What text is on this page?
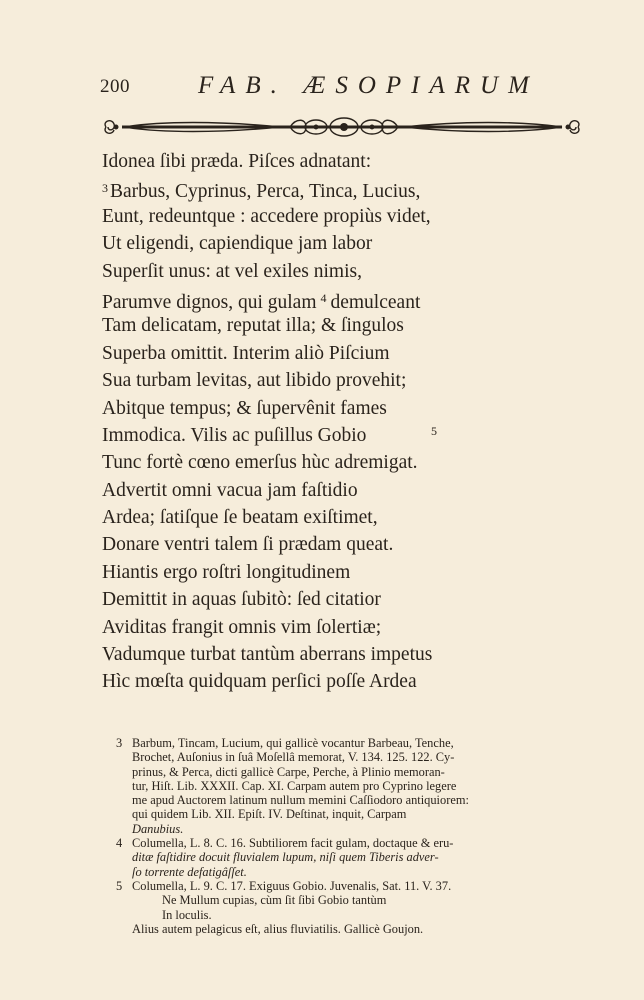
200	FAB. ÆSOPIARUM
Idonea ſibi præda. Piſces adnatant:
$^3$ Barbus, Cyprinus, Perca, Tinca, Lucius,
Eunt, redeuntque : accedere propiùs videt,
Ut eligendi, capiendique jam labor
Superſit unus: at vel exiles nimis,
Parumve dignos, qui gulam $^4$ demulceant
Tam delicatam, reputat illa; & ſingulos
Superba omittit. Interim aliò Piſcium
Sua turbam levitas, aut libido provehit;
Abitque tempus; & ſupervênit fames
Immodica. Vilis ac puſillus Gobio	5
Tunc fortè cœno emerſus hùc adremigat.
Advertit omni vacua jam faſtidio
Ardea; ſatiſque ſe beatam exiſtimet,
Donare ventri talem ſi prædam queat.
Hiantis ergo roſtri longitudinem
Demittit in aquas ſubitò: ſed citatior
Aviditas frangit omnis vim ſolertiæ;
Vadumque turbat tantùm aberrans impetus
Hìc mœſta quidquam perſici poſſe Ardea
3 Barbum, Tincam, Lucium, qui gallicè vocantur Barbeau, Tenche,
Brochet, Auſonius in ſuâ Moſellâ memorat, V. 134. 125. 122. Cy-
prinus, & Perca, dicti gallicè Carpe, Perche, à Plinio memoran-
tur, Hiſt. Lib. XXXII. Cap. XI. Carpam autem pro Cyprino legere
me apud Auctorem latinum nullum memini Caſſiodoro antiquiorem:
qui quidem Lib. XII. Epiſt. IV. Deſtinat, inquit, Carpam
Danubius.
4 Columella, L. 8. C. 16. Subtiliorem facit gulam, doctaque & eru-
ditæ faſtidire docuit fluvialem lupum, niſi quem Tiberis adver-
ſo torrente defatigâſſet.
5 Columella, L. 9. C. 17. Exiguus Gobio. Juvenalis, Sat. 11. V. 37.
Ne Mullum cupias, cùm ſit ſibi Gobio tantùm
In loculis.
Alius autem pelagicus eſt, alius fluviatilis. Gallicè Goujon.
